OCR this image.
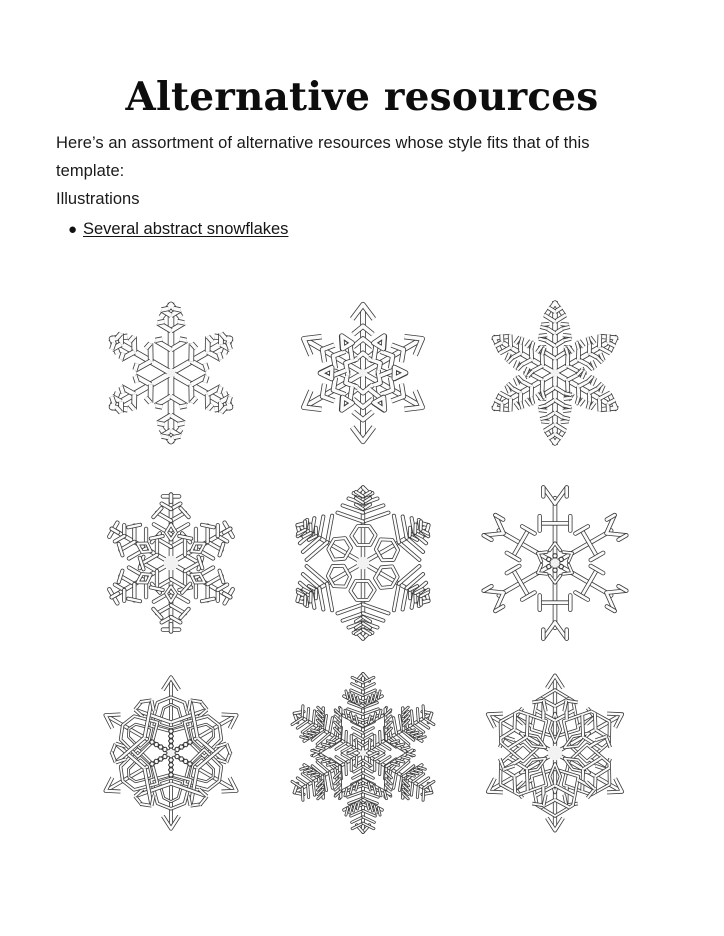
Alternative resources

Here’s an assortment of alternative resources whose style fits that of this template:

Illustrations

● Several abstract snowflakes
